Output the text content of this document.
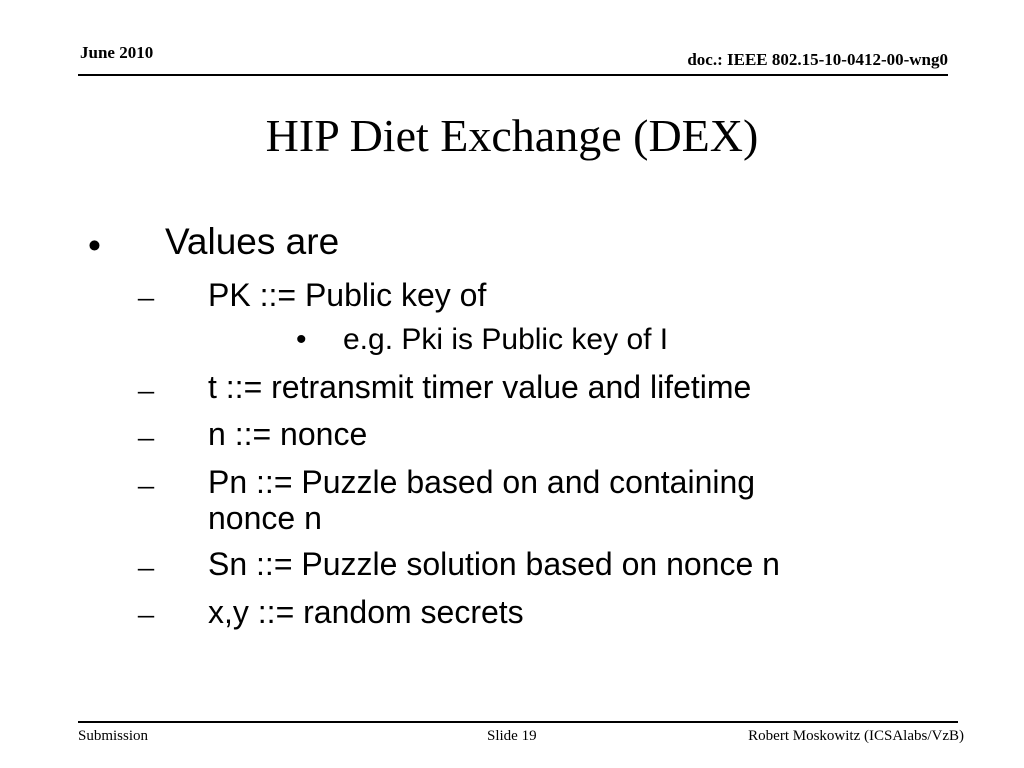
June 2010	doc.: IEEE 802.15-10-0412-00-wng0
HIP Diet Exchange (DEX)
• Values are
– PK ::= Public key of
• e.g. Pki is Public key of I
– t ::= retransmit timer value and lifetime
– n ::= nonce
– Pn ::= Puzzle based on and containing
nonce n
– Sn ::= Puzzle solution based on nonce n
– x,y ::= random secrets
Submission	Slide 19	Robert Moskowitz (ICSAlabs/VzB)
